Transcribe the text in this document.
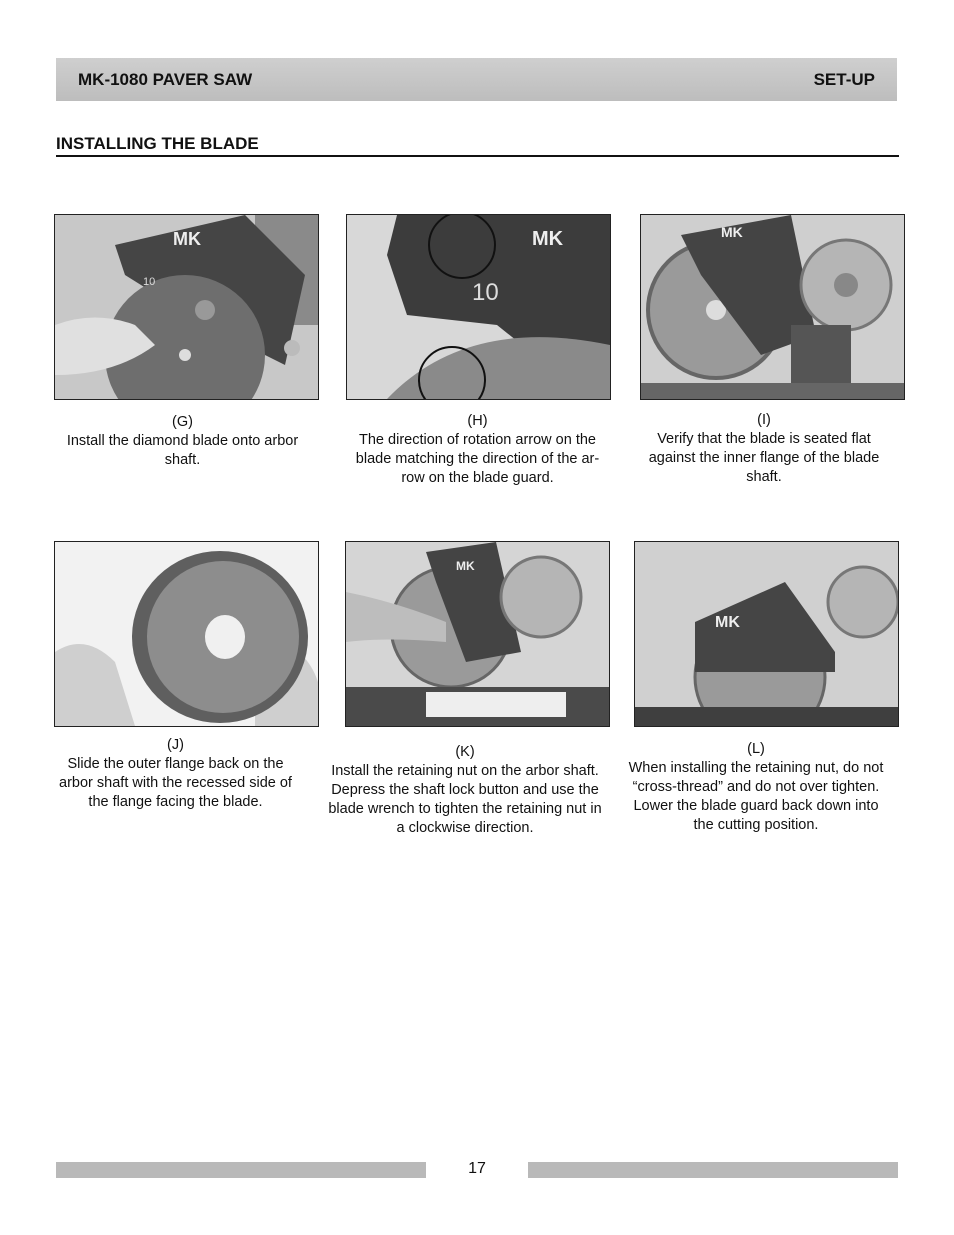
MK-1080 PAVER SAW	SET-UP
INSTALLING THE BLADE
MK
10
MK
10
MK
MK
MK
(G)
Install the diamond blade onto arbor shaft.
(H)
The direction of rotation arrow on the blade matching the direction of the ar-row on the blade guard.
(I)
Verify that the blade is seated flat against the inner flange of the blade shaft.
(J)
Slide the outer flange back on the arbor shaft with the recessed side of the flange facing the blade.
(K)
Install the retaining nut on the arbor shaft. Depress the shaft lock button and use the blade wrench to tighten the retaining nut in a clockwise direction.
(L)
When installing the retaining nut, do not “cross-thread” and do not over tighten. Lower the blade guard back down into the cutting position.
17
